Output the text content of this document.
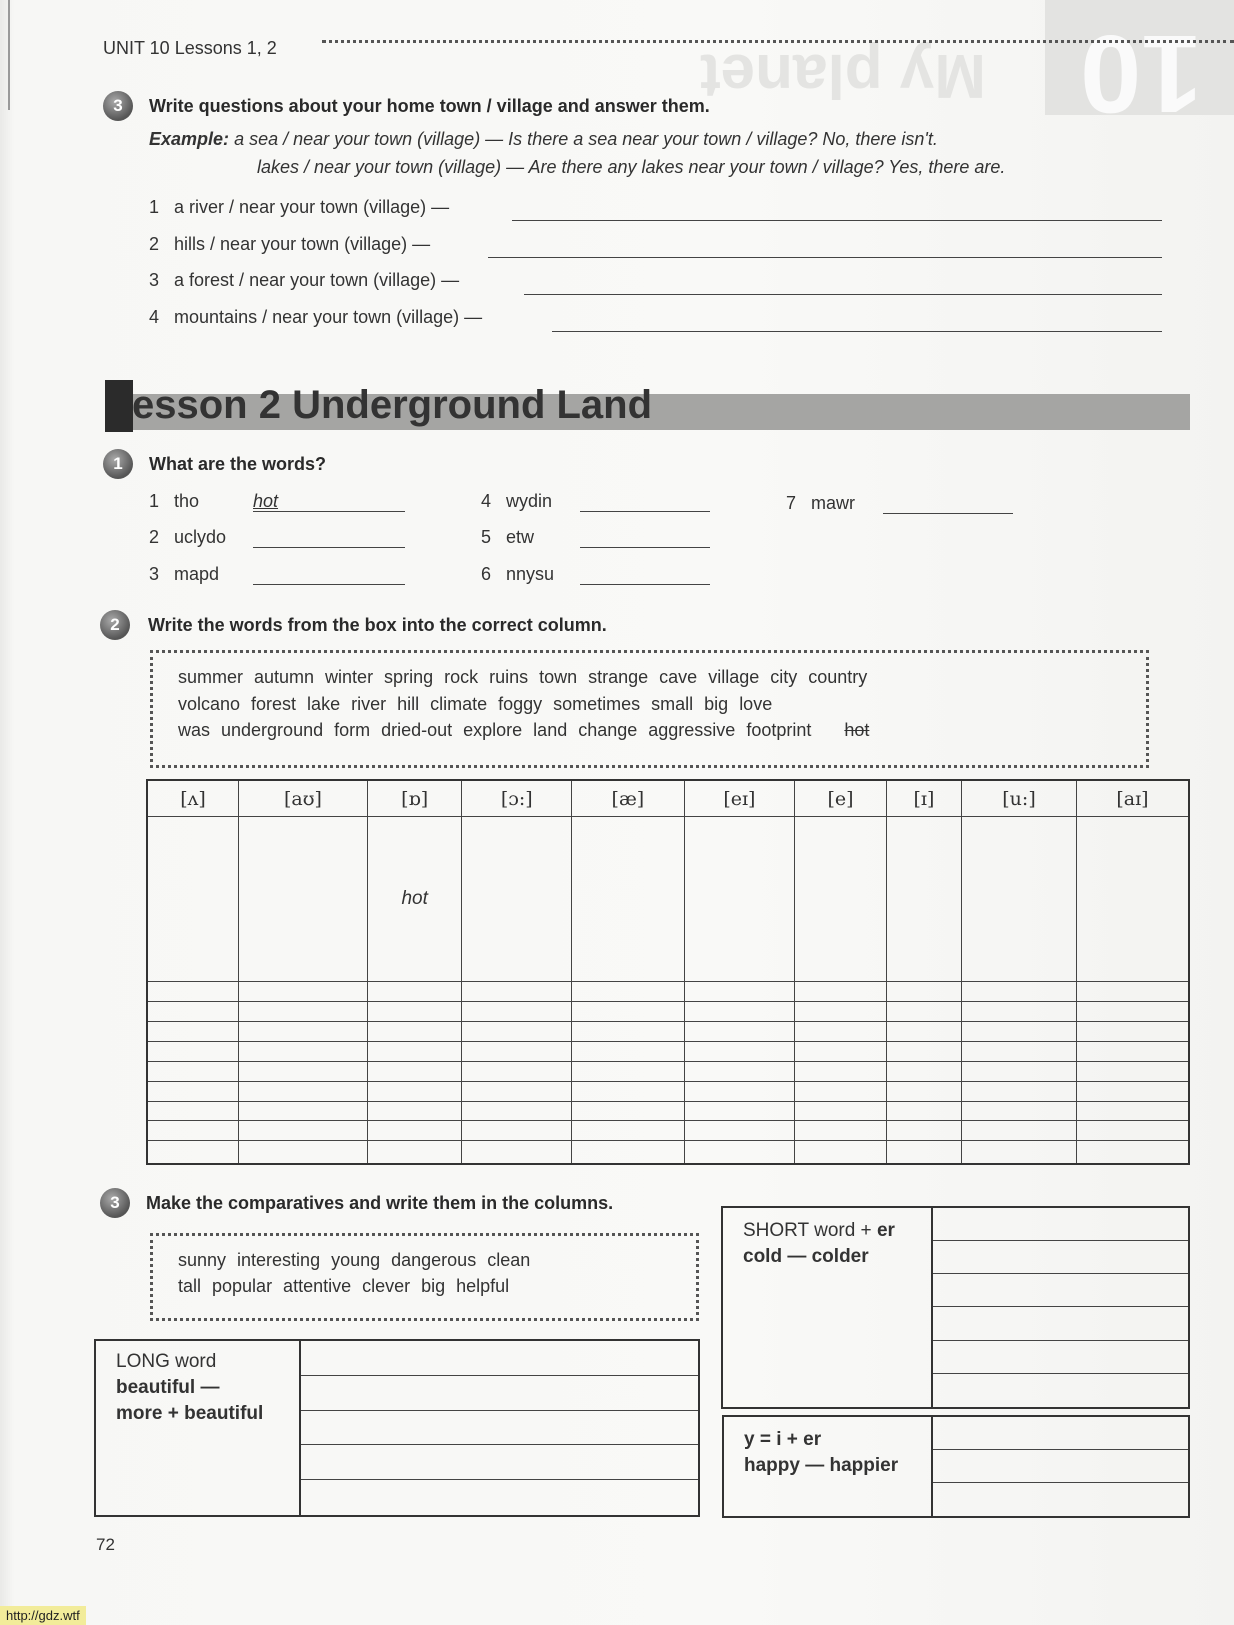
10
My planet
UNIT 10 Lessons 1, 2
3	Write questions about your home town / village and answer them.
Example: a sea / near your town (village) — Is there a sea near your town / village? No, there isn't.
lakes / near your town (village) — Are there any lakes near your town / village? Yes, there are.
1 a river / near your town (village) —
2 hills / near your town (village) —
3 a forest / near your town (village) —
4 mountains / near your town (village) —
esson 2 Underground Land
1	What are the words?
1 tho	hot
2 uclydo
3 mapd
4 wydin
5 etw
6 nnysu
7 mawr
2	Write the words from the box into the correct column.
summer autumn winter spring rock ruins town strange cave village city country
volcano forest lake river hill climate foggy sometimes small big love
was underground form dried-out explore land change aggressive footprint hot
[ʌ]	[aʊ]	[ɒ]	[ɔ:]	[æ]	[eɪ]	[e]	[ɪ]	[u:]	[aɪ]
		hot							

3	Make the comparatives and write them in the columns.
sunny interesting young dangerous clean
tall popular attentive clever big helpful
SHORT word + er
cold — colder
y = i + er
happy — happier
LONG word
beautiful —
more + beautiful
72
http://gdz.wtf
